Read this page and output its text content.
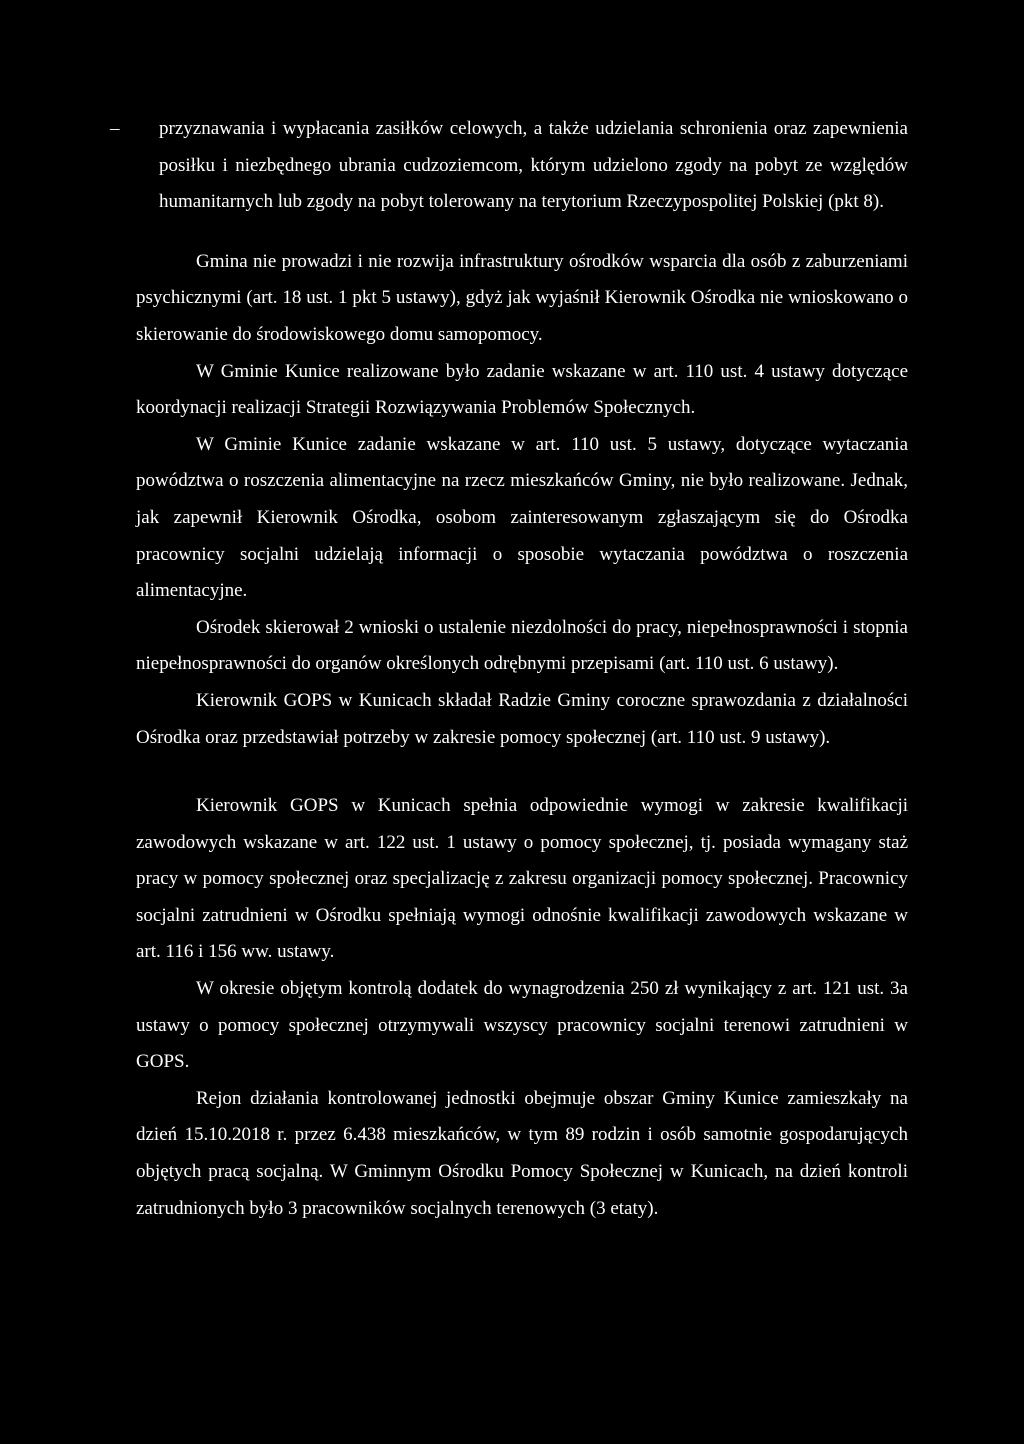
– przyznawania i wypłacania zasiłków celowych, a także udzielania schronienia oraz zapewnienia posiłku i niezbędnego ubrania cudzoziemcom, którym udzielono zgody na pobyt ze względów humanitarnych lub zgody na pobyt tolerowany na terytorium Rzeczypospolitej Polskiej (pkt 8).

Gmina nie prowadzi i nie rozwija infrastruktury ośrodków wsparcia dla osób z zaburzeniami psychicznymi (art. 18 ust. 1 pkt 5 ustawy), gdyż jak wyjaśnił Kierownik Ośrodka nie wnioskowano o skierowanie do środowiskowego domu samopomocy.

W Gminie Kunice realizowane było zadanie wskazane w art. 110 ust. 4 ustawy dotyczące koordynacji realizacji Strategii Rozwiązywania Problemów Społecznych.

W Gminie Kunice zadanie wskazane w art. 110 ust. 5 ustawy, dotyczące wytaczania powództwa o roszczenia alimentacyjne na rzecz mieszkańców Gminy, nie było realizowane. Jednak, jak zapewnił Kierownik Ośrodka, osobom zainteresowanym zgłaszającym się do Ośrodka pracownicy socjalni udzielają informacji o sposobie wytaczania powództwa o roszczenia alimentacyjne.

Ośrodek skierował 2 wnioski o ustalenie niezdolności do pracy, niepełnosprawności i stopnia niepełnosprawności do organów określonych odrębnymi przepisami (art. 110 ust. 6 ustawy).

Kierownik GOPS w Kunicach składał Radzie Gminy coroczne sprawozdania z działalności Ośrodka oraz przedstawiał potrzeby w zakresie pomocy społecznej (art. 110 ust. 9 ustawy).

Kierownik GOPS w Kunicach spełnia odpowiednie wymogi w zakresie kwalifikacji zawodowych wskazane w art. 122 ust. 1 ustawy o pomocy społecznej, tj. posiada wymagany staż pracy w pomocy społecznej oraz specjalizację z zakresu organizacji pomocy społecznej. Pracownicy socjalni zatrudnieni w Ośrodku spełniają wymogi odnośnie kwalifikacji zawodowych wskazane w art. 116 i 156 ww. ustawy.

W okresie objętym kontrolą dodatek do wynagrodzenia 250 zł wynikający z art. 121 ust. 3a ustawy o pomocy społecznej otrzymywali wszyscy pracownicy socjalni terenowi zatrudnieni w GOPS.

Rejon działania kontrolowanej jednostki obejmuje obszar Gminy Kunice zamieszkały na dzień 15.10.2018 r. przez 6.438 mieszkańców, w tym 89 rodzin i osób samotnie gospodarujących objętych pracą socjalną. W Gminnym Ośrodku Pomocy Społecznej w Kunicach, na dzień kontroli zatrudnionych było 3 pracowników socjalnych terenowych (3 etaty).
